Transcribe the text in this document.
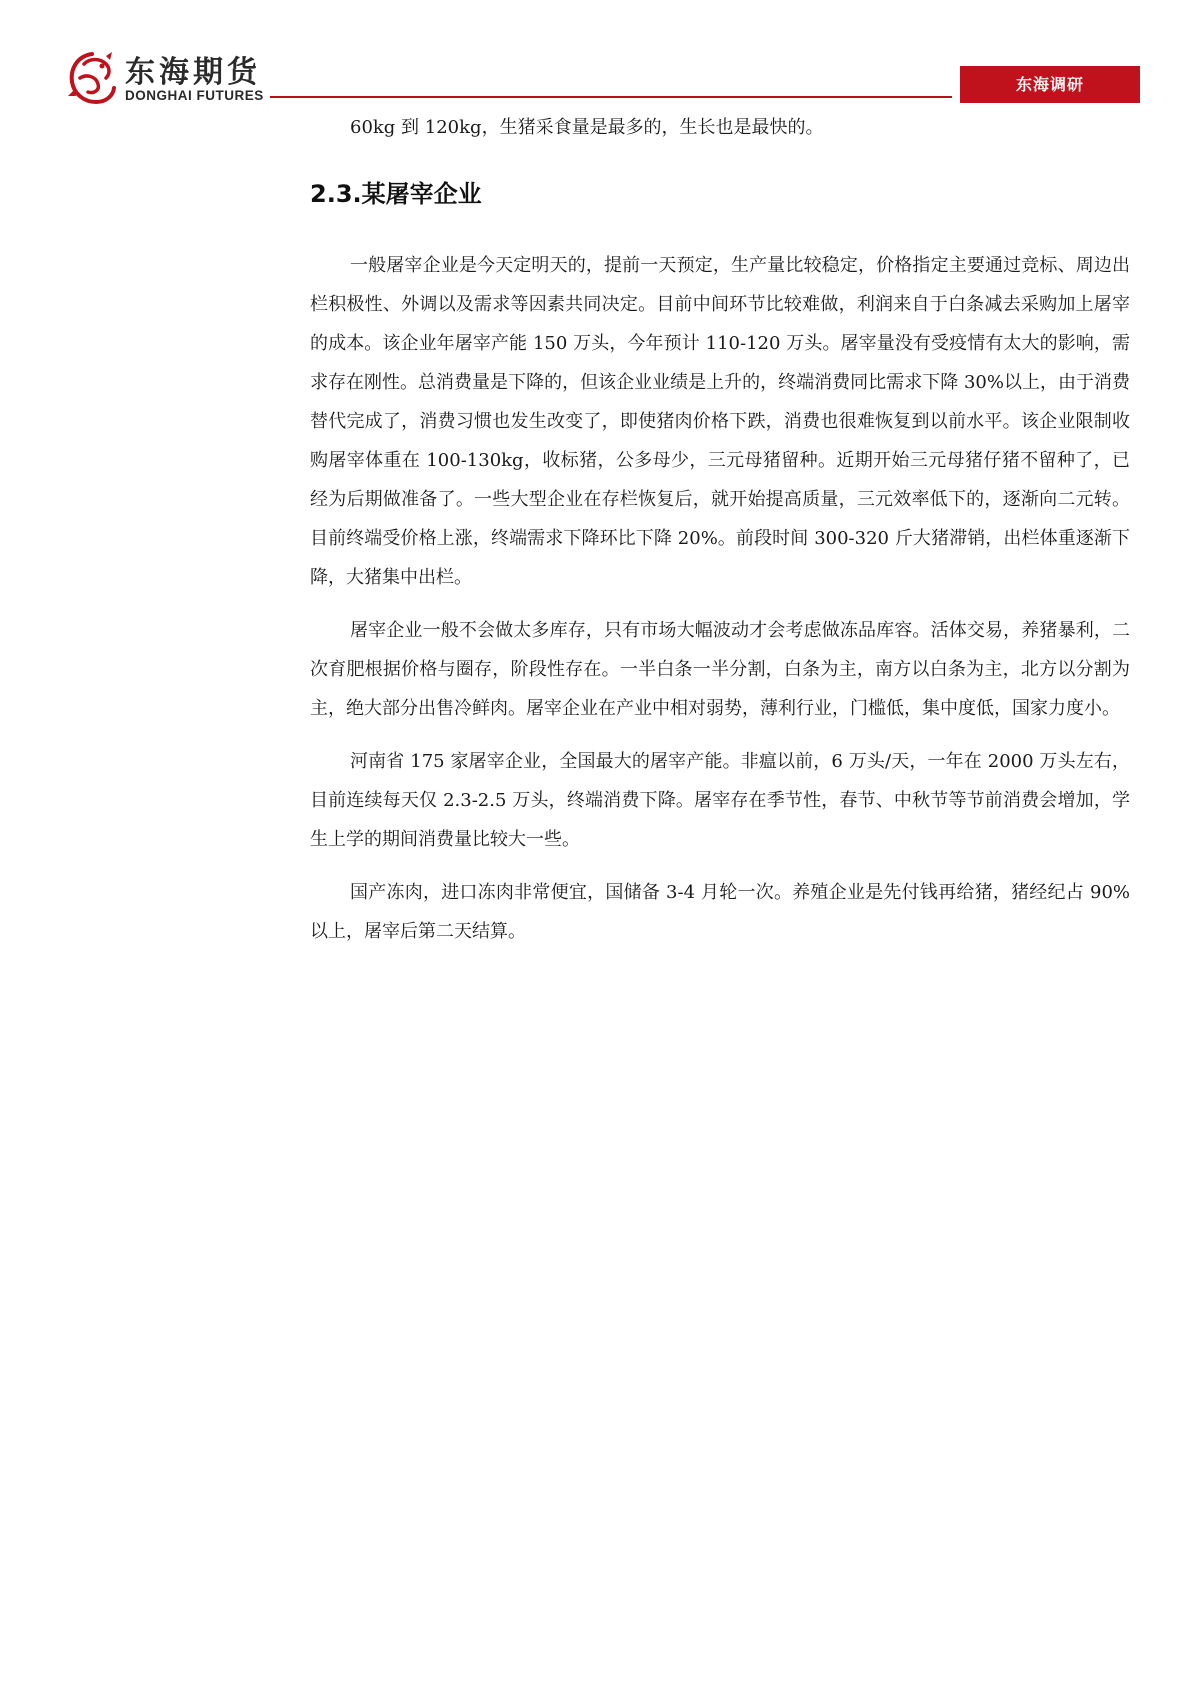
东海期货
DONGHAI FUTURES
东海调研

60kg 到 120kg，生猪采食量是最多的，生长也是最快的。

2.3.某屠宰企业

一般屠宰企业是今天定明天的，提前一天预定，生产量比较稳定，价格指定主要通过竞标、周边出栏积极性、外调以及需求等因素共同决定。目前中间环节比较难做，利润来自于白条减去采购加上屠宰的成本。该企业年屠宰产能 150 万头，今年预计 110-120 万头。屠宰量没有受疫情有太大的影响，需求存在刚性。总消费量是下降的，但该企业业绩是上升的，终端消费同比需求下降 30%以上，由于消费替代完成了，消费习惯也发生改变了，即使猪肉价格下跌，消费也很难恢复到以前水平。该企业限制收购屠宰体重在 100-130kg，收标猪，公多母少，三元母猪留种。近期开始三元母猪仔猪不留种了，已经为后期做准备了。一些大型企业在存栏恢复后，就开始提高质量，三元效率低下的，逐渐向二元转。目前终端受价格上涨，终端需求下降环比下降 20%。前段时间 300-320 斤大猪滞销，出栏体重逐渐下降，大猪集中出栏。

屠宰企业一般不会做太多库存，只有市场大幅波动才会考虑做冻品库容。活体交易，养猪暴利，二次育肥根据价格与圈存，阶段性存在。一半白条一半分割，白条为主，南方以白条为主，北方以分割为主，绝大部分出售冷鲜肉。屠宰企业在产业中相对弱势，薄利行业，门槛低，集中度低，国家力度小。

河南省 175 家屠宰企业，全国最大的屠宰产能。非瘟以前，6 万头/天，一年在 2000 万头左右，目前连续每天仅 2.3-2.5 万头，终端消费下降。屠宰存在季节性，春节、中秋节等节前消费会增加，学生上学的期间消费量比较大一些。

国产冻肉，进口冻肉非常便宜，国储备 3-4 月轮一次。养殖企业是先付钱再给猪，猪经纪占 90%以上，屠宰后第二天结算。
